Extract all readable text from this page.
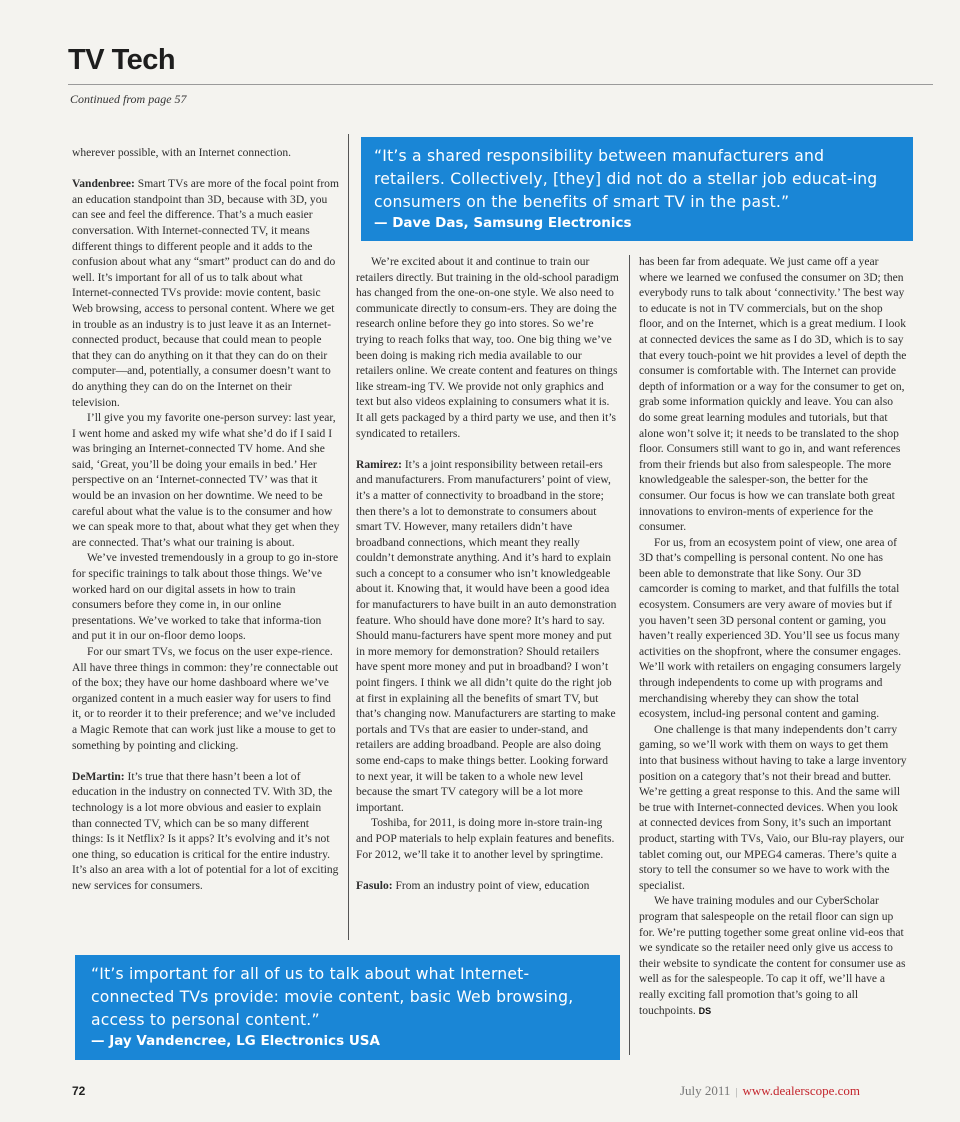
TV Tech
Continued from page 57

wherever possible, with an Internet connection.

Vandenbree: Smart TVs are more of the focal point from an education standpoint than 3D, because with 3D, you can see and feel the difference. That’s a much easier conversation. With Internet-connected TV, it means different things to different people and it adds to the confusion about what any “smart” product can do and do well. It’s important for all of us to talk about what Internet-connected TVs provide: movie content, basic Web browsing, access to personal content. Where we get in trouble as an industry is to just leave it as an Internet-connected product, because that could mean to people that they can do anything on it that they can do on their computer—and, potentially, a consumer doesn’t want to do anything they can do on the Internet on their television.

I’ll give you my favorite one-person survey: last year, I went home and asked my wife what she’d do if I said I was bringing an Internet-connected TV home. And she said, ‘Great, you’ll be doing your emails in bed.’ Her perspective on an ‘Internet-connected TV’ was that it would be an invasion on her downtime. We need to be careful about what the value is to the consumer and how we can speak more to that, about what they get when they are connected. That’s what our training is about.

We’ve invested tremendously in a group to go in-store for specific trainings to talk about those things. We’ve worked hard on our digital assets in how to train consumers before they come in, in our online presentations. We’ve worked to take that informa-tion and put it in our on-floor demo loops.

For our smart TVs, we focus on the user expe-rience. All have three things in common: they’re connectable out of the box; they have our home dashboard where we’ve organized content in a much easier way for users to find it, or to reorder it to their preference; and we’ve included a Magic Remote that can work just like a mouse to get to something by pointing and clicking.

DeMartin: It’s true that there hasn’t been a lot of education in the industry on connected TV. With 3D, the technology is a lot more obvious and easier to explain than connected TV, which can be so many different things: Is it Netflix? Is it apps? It’s evolving and it’s not one thing, so education is critical for the entire industry. It’s also an area with a lot of potential for a lot of exciting new services for consumers.

We’re excited about it and continue to train our retailers directly. But training in the old-school paradigm has changed from the one-on-one style. We also need to communicate directly to consum-ers. They are doing the research online before they go into stores. So we’re trying to reach folks that way, too. One big thing we’ve been doing is making rich media available to our retailers online. We create content and features on things like stream-ing TV. We provide not only graphics and text but also videos explaining to consumers what it is. It all gets packaged by a third party we use, and then it’s syndicated to retailers.

Ramirez: It’s a joint responsibility between retail-ers and manufacturers. From manufacturers’ point of view, it’s a matter of connectivity to broadband in the store; then there’s a lot to demonstrate to consumers about smart TV. However, many retailers didn’t have broadband connections, which meant they really couldn’t demonstrate anything. And it’s hard to explain such a concept to a consumer who isn’t knowledgeable about it. Knowing that, it would have been a good idea for manufacturers to have built in an auto demonstration feature. Who should have done more? It’s hard to say. Should manu-facturers have spent more money and put in more memory for demonstration? Should retailers have spent more money and put in broadband? I won’t point fingers. I think we all didn’t quite do the right job at first in explaining all the benefits of smart TV, but that’s changing now. Manufacturers are starting to make portals and TVs that are easier to under-stand, and retailers are adding broadband. People are also doing some end-caps to make things better. Looking forward to next year, it will be taken to a whole new level because the smart TV category will be a lot more important.

Toshiba, for 2011, is doing more in-store train-ing and POP materials to help explain features and benefits. For 2012, we’ll take it to another level by springtime.

Fasulo: From an industry point of view, education

has been far from adequate. We just came off a year where we learned we confused the consumer on 3D; then everybody runs to talk about ‘connectivity.’ The best way to educate is not in TV commercials, but on the shop floor, and on the Internet, which is a great medium. I look at connected devices the same as I do 3D, which is to say that every touch-point we hit provides a level of depth the consumer is comfortable with. The Internet can provide depth of information or a way for the consumer to get on, grab some information quickly and leave. You can also do some great learning modules and tutorials, but that alone won’t solve it; it needs to be translated to the shop floor. Consumers still want to go in, and want references from their friends but also from salespeople. The more knowledgeable the salesper-son, the better for the consumer. Our focus is how we can translate both great innovations to environ-ments of experience for the consumer.

For us, from an ecosystem point of view, one area of 3D that’s compelling is personal content. No one has been able to demonstrate that like Sony. Our 3D camcorder is coming to market, and that fulfills the total ecosystem. Consumers are very aware of movies but if you haven’t seen 3D personal content or gaming, you haven’t really experienced 3D. You’ll see us focus many activities on the shopfront, where the consumer engages. We’ll work with retailers on engaging consumers largely through independents to come up with programs and merchandising whereby they can show the total ecosystem, includ-ing personal content and gaming.

One challenge is that many independents don’t carry gaming, so we’ll work with them on ways to get them into that business without having to take a large inventory position on a category that’s not their bread and butter. We’re getting a great response to this. And the same will be true with Internet-connected devices. When you look at connected devices from Sony, it’s such an important product, starting with TVs, Vaio, our Blu-ray players, our tablet coming out, our MPEG4 cameras. There’s quite a story to tell the consumer so we have to work with the specialist.

We have training modules and our CyberScholar program that salespeople on the retail floor can sign up for. We’re putting together some great online vid-eos that we syndicate so the retailer need only give us access to their website to syndicate the content for consumer use as well as for the salespeople. To cap it off, we’ll have a really exciting fall promotion that’s going to all touchpoints. DS

“It’s a shared responsibility between manufacturers and retailers. Collectively, [they] did not do a stellar job educat-ing consumers on the benefits of smart TV in the past.”
— Dave Das, Samsung Electronics
“It’s important for all of us to talk about what Internet-connected TVs provide: movie content, basic Web browsing, access to personal content.”
— Jay Vandencree, LG Electronics USA
72	July 2011 | www.dealerscope.com
